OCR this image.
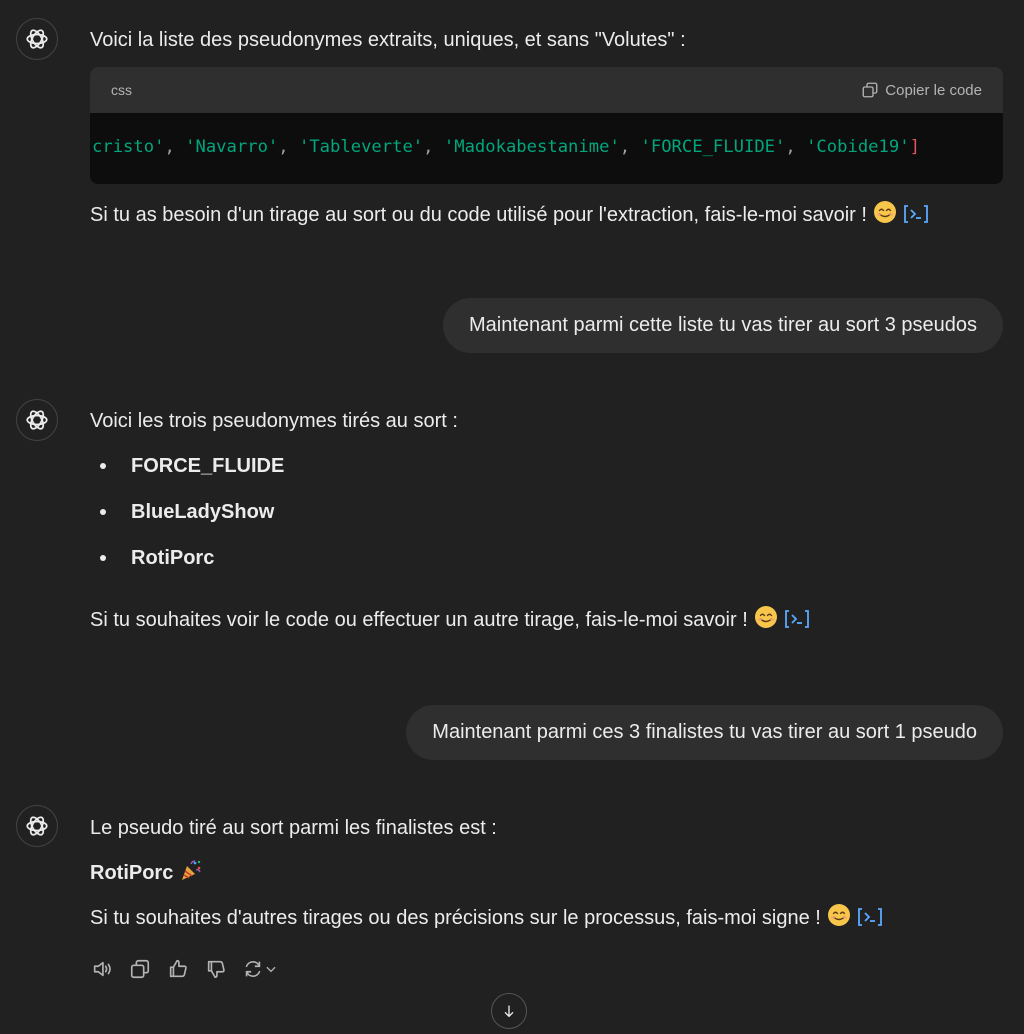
Voici la liste des pseudonymes extraits, uniques, et sans "Volutes" :
css	Copier le code
cristo', 'Navarro', 'Tableverte', 'Madokabestanime', 'FORCE_FLUIDE', 'Cobide19']
Si tu as besoin d'un tirage au sort ou du code utilisé pour l'extraction, fais-le-moi savoir !
Maintenant parmi cette liste tu vas tirer au sort 3 pseudos
Voici les trois pseudonymes tirés au sort :
FORCE_FLUIDE
BlueLadyShow
RotiPorc
Si tu souhaites voir le code ou effectuer un autre tirage, fais-le-moi savoir !
Maintenant parmi ces 3 finalistes tu vas tirer au sort 1 pseudo
Le pseudo tiré au sort parmi les finalistes est :
RotiPorc
Si tu souhaites d'autres tirages ou des précisions sur le processus, fais-moi signe !
